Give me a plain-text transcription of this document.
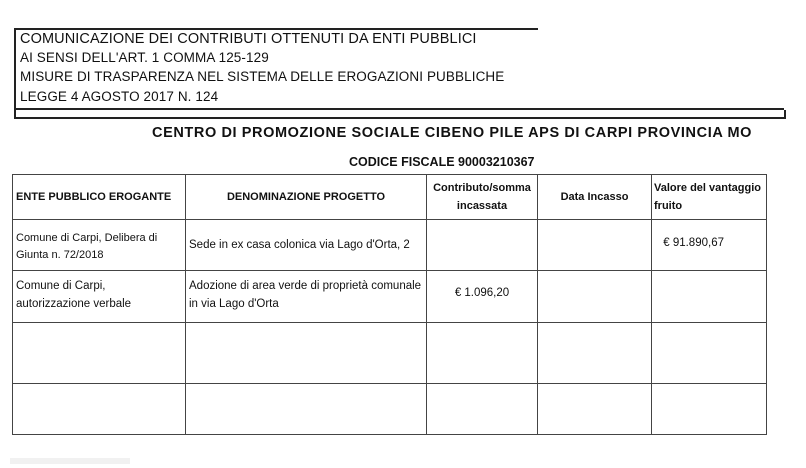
COMUNICAZIONE DEI CONTRIBUTI OTTENUTI DA ENTI PUBBLICI
AI SENSI DELL'ART. 1 COMMA 125-129
MISURE DI TRASPARENZA NEL SISTEMA DELLE EROGAZIONI PUBBLICHE
LEGGE 4 AGOSTO 2017 N. 124
CENTRO DI PROMOZIONE SOCIALE CIBENO PILE APS DI CARPI PROVINCIA MO
CODICE FISCALE 90003210367
ENTE PUBBLICO EROGANTE	DENOMINAZIONE PROGETTO	Contributo/somma incassata	Data Incasso	Valore del vantaggio fruito
Comune di Carpi, Delibera di Giunta n. 72/2018	Sede in ex casa colonica via Lago d'Orta, 2			€ 91.890,67
Comune di Carpi, autorizzazione verbale	Adozione di area verde di proprietà comunale in via Lago d'Orta	€ 1.096,20		
